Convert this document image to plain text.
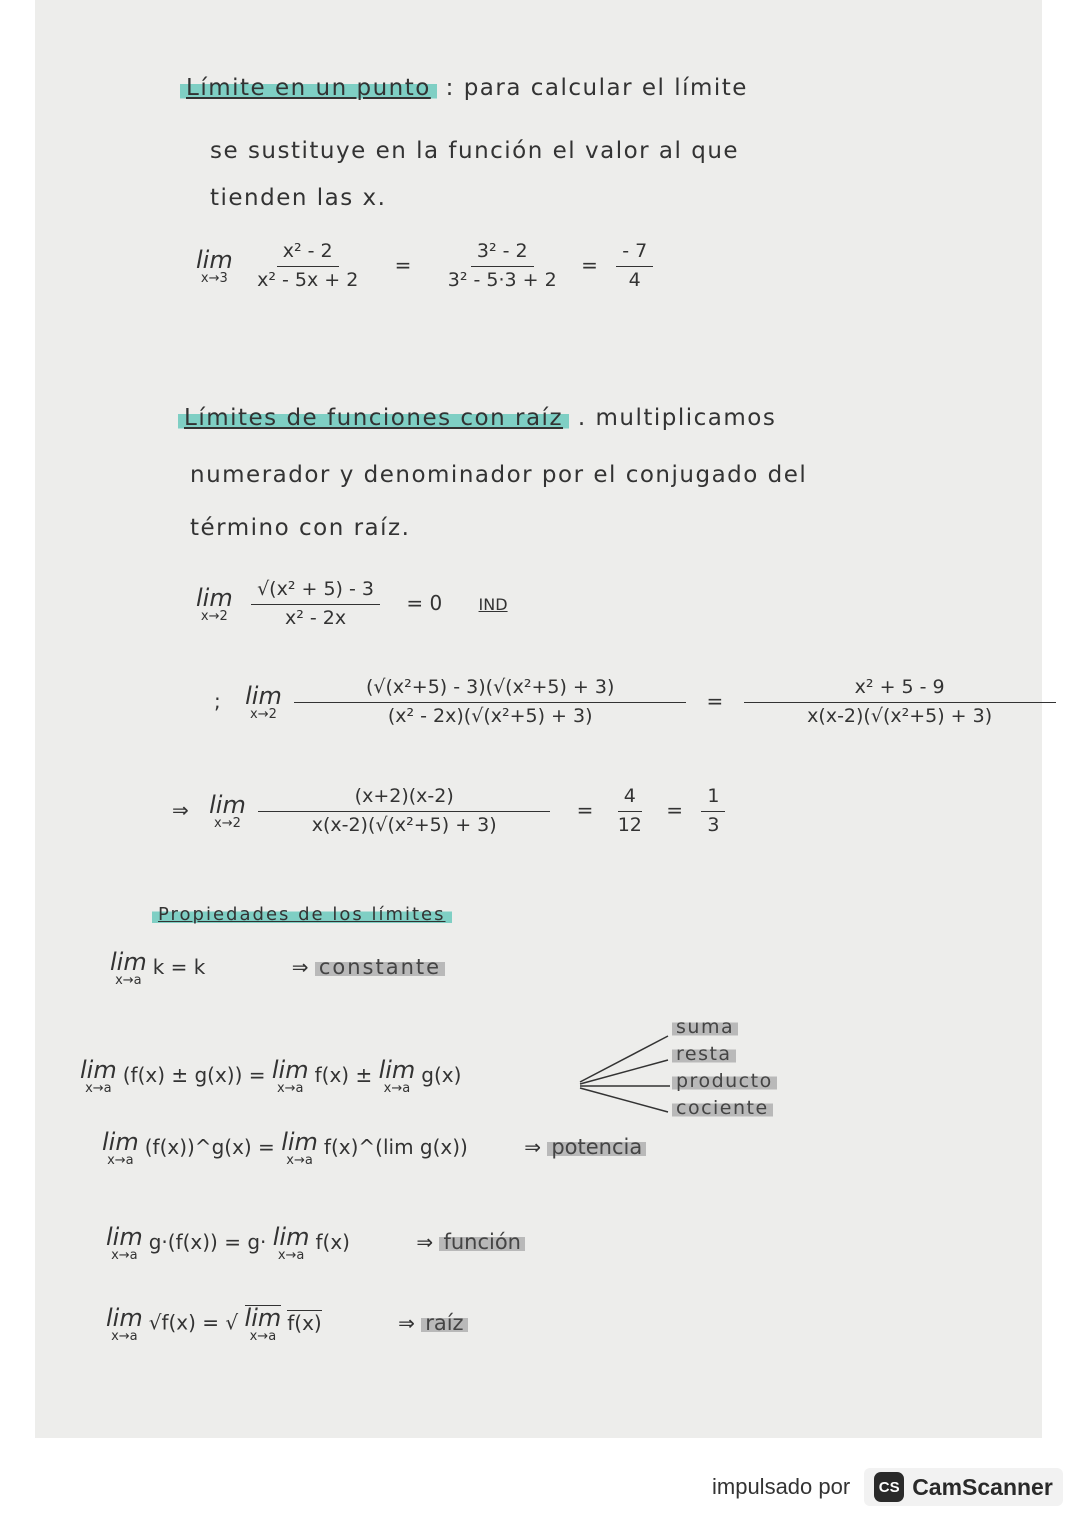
Límite en un punto : para calcular el límite
se sustituye en la función el valor al que
tienden las x.
lim
x→3
$\frac{\text{x² - 2}}{\text{x² - 5x + 2}} = \frac{\text{3² - 2}}{\text{3² - 5·3 + 2}} = \frac{- 7}{4}$
Límites de funciones con raíz . multiplicamos
numerador y denominador por el conjugado del
término con raíz.
lim
x→2
$\frac{\text{√(x² + 5) - 3}}{\text{x² - 2x}} = 0$ IND
; lim
x→2
	$\frac{\text{(√(x²+5) - 3)(√(x²+5) + 3)}}{\text{(x² - 2x)(√(x²+5) + 3)}}$ =	$\frac{\text{x² + 5 - 9}}{\text{x(x-2)(√(x²+5) + 3)}}$
⇒ lim
x→2
	$\frac{(x+2)(x-2)}{\text{x(x-2)(√(x²+5) + 3)}} = \frac{4}{12} = \frac{1}{3}$
Propiedades de los límites
lim
x→a
k = k	⇒ constante
lim
x→a
(f(x) ± g(x)) = lim
x→a
f(x) ± lim
x→a
g(x)
suma
resta
producto
cociente
lim
x→a
(f(x))^g(x) = lim
x→a
f(x)^(lim g(x))	⇒ potencia
lim
x→a
g·(f(x)) = g· lim
x→a
f(x)	⇒ función
lim
x→a
√f(x) = √ lim
x→a
f(x)	⇒ raíz
impulsado por	CS CamScanner
